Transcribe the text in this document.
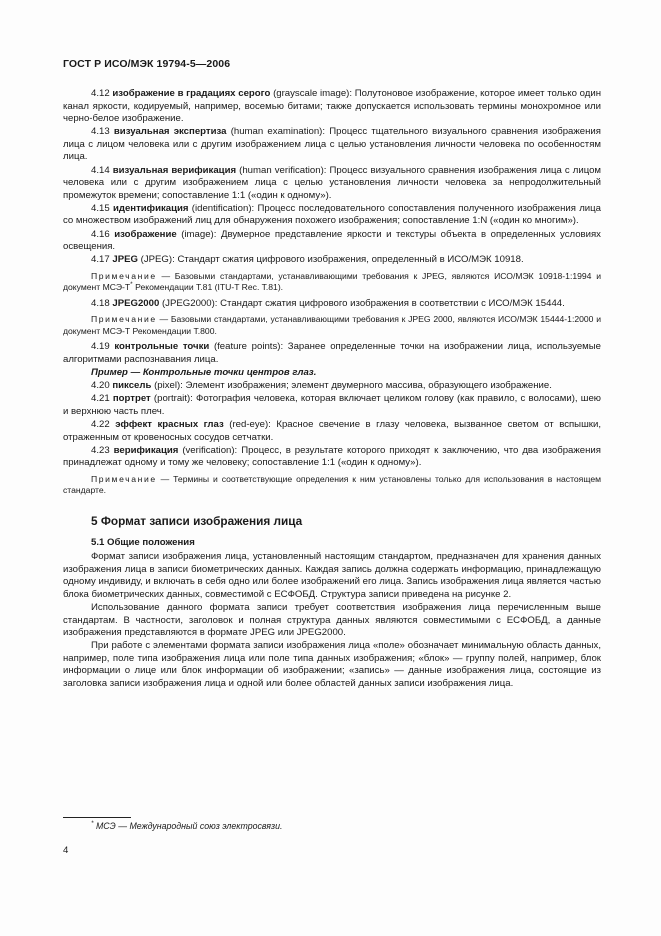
ГОСТ Р ИСО/МЭК 19794-5—2006

4.12 изображение в градациях серого (grayscale image): Полутоновое изображение, которое имеет только один канал яркости, кодируемый, например, восемью битами; также допускается использовать термины монохромное или черно-белое изображение.

4.13 визуальная экспертиза (human examination): Процесс тщательного визуального сравнения изображения лица с лицом человека или с другим изображением лица с целью установления личности человека по особенностям лица.

4.14 визуальная верификация (human verification): Процесс визуального сравнения изображения лица с лицом человека или с другим изображением лица с целью установления личности человека за непродолжительный промежуток времени; сопоставление 1:1 («один к одному»).

4.15 идентификация (identification): Процесс последовательного сопоставления полученного изображения лица со множеством изображений лиц для обнаружения похожего изображения; сопоставление 1:N («один ко многим»).

4.16 изображение (image): Двумерное представление яркости и текстуры объекта в определенных условиях освещения.

4.17 JPEG (JPEG): Стандарт сжатия цифрового изображения, определенный в ИСО/МЭК 10918.

Примечание — Базовыми стандартами, устанавливающими требования к JPEG, являются ИСО/МЭК 10918-1:1994 и документ МСЭ-Т* Рекомендации Т.81 (ITU-T Rec. T.81).

4.18 JPEG2000 (JPEG2000): Стандарт сжатия цифрового изображения в соответствии с ИСО/МЭК 15444.

Примечание — Базовыми стандартами, устанавливающими требования к JPEG 2000, являются ИСО/МЭК 15444-1:2000 и документ МСЭ-Т Рекомендации Т.800.

4.19 контрольные точки (feature points): Заранее определенные точки на изображении лица, используемые алгоритмами распознавания лица.

Пример — Контрольные точки центров глаз.

4.20 пиксель (pixel): Элемент изображения; элемент двумерного массива, образующего изображение.

4.21 портрет (portrait): Фотография человека, которая включает целиком голову (как правило, с волосами), шею и верхнюю часть плеч.

4.22 эффект красных глаз (red-eye): Красное свечение в глазу человека, вызванное светом от вспышки, отраженным от кровеносных сосудов сетчатки.

4.23 верификация (verification): Процесс, в результате которого приходят к заключению, что два изображения принадлежат одному и тому же человеку; сопоставление 1:1 («один к одному»).

Примечание — Термины и соответствующие определения к ним установлены только для использования в настоящем стандарте.

5 Формат записи изображения лица

5.1 Общие положения

Формат записи изображения лица, установленный настоящим стандартом, предназначен для хранения данных изображения лица в записи биометрических данных. Каждая запись должна содержать информацию, принадлежащую одному индивиду, и включать в себя одно или более изображений его лица. Запись изображения лица является частью блока биометрических данных, совместимой с ЕСФОБД. Структура записи приведена на рисунке 2.

Использование данного формата записи требует соответствия изображения лица перечисленным выше стандартам. В частности, заголовок и полная структура данных являются совместимыми с ЕСФОБД, а данные изображения представляются в формате JPEG или JPEG2000.

При работе с элементами формата записи изображения лица «поле» обозначает минимальную область данных, например, поле типа изображения лица или поле типа данных изображения; «блок» — группу полей, например, блок информации о лице или блок информации об изображении; «запись» — данные изображения лица, состоящие из заголовка записи изображения лица и одной или более областей данных записи изображения лица.

* МСЭ — Международный союз электросвязи.
4
